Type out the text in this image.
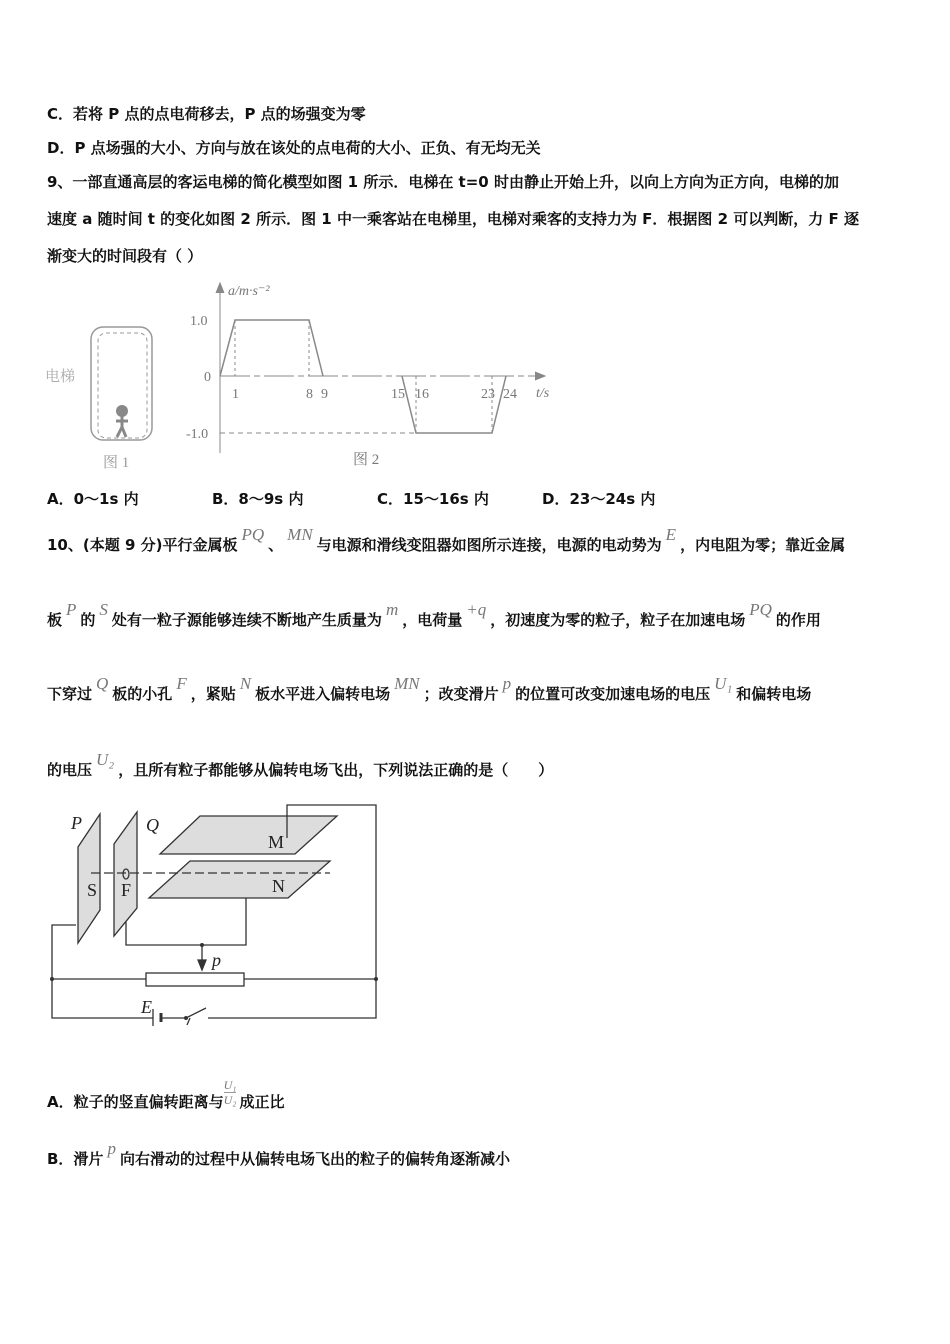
C．若将 P 点的点电荷移去，P 点的场强变为零
D．P 点场强的大小、方向与放在该处的点电荷的大小、正负、有无均无关
9、一部直通高层的客运电梯的简化模型如图 1 所示．电梯在 t=0 时由静止开始上升，以向上方向为正方向，电梯的加
速度 a 随时间 t 的变化如图 2 所示．图 1 中一乘客站在电梯里，电梯对乘客的支持力为 F．根据图 2 可以判断，力 F 逐
渐变大的时间段有（ ）
电梯
图 1
a/m·s⁻²
1.0
0
-1.0
1	8 9	15 16	23 24 t/s
图 2
A．0～1s 内	B．8～9s 内	C．15～16s 内	D．23～24s 内
10、(本题 9 分)平行金属板PQ、MN与电源和滑线变阻器如图所示连接，电源的电动势为E，内电阻为零；靠近金属
板P的S处有一粒子源能够连续不断地产生质量为m，电荷量+q，初速度为零的粒子，粒子在加速电场PQ的作用
下穿过Q板的小孔F，紧贴N板水平进入偏转电场MN；改变滑片p的位置可改变加速电场的电压U₁和偏转电场
的电压U₂，且所有粒子都能够从偏转电场飞出，下列说法正确的是（　　）
P	Q
M
N
S F
p
E
A．粒子的竖直偏转距离与 $\frac{\text{U₁}}{\text{U₂}}$ 成正比
B．滑片p向右滑动的过程中从偏转电场飞出的粒子的偏转角逐渐减小
